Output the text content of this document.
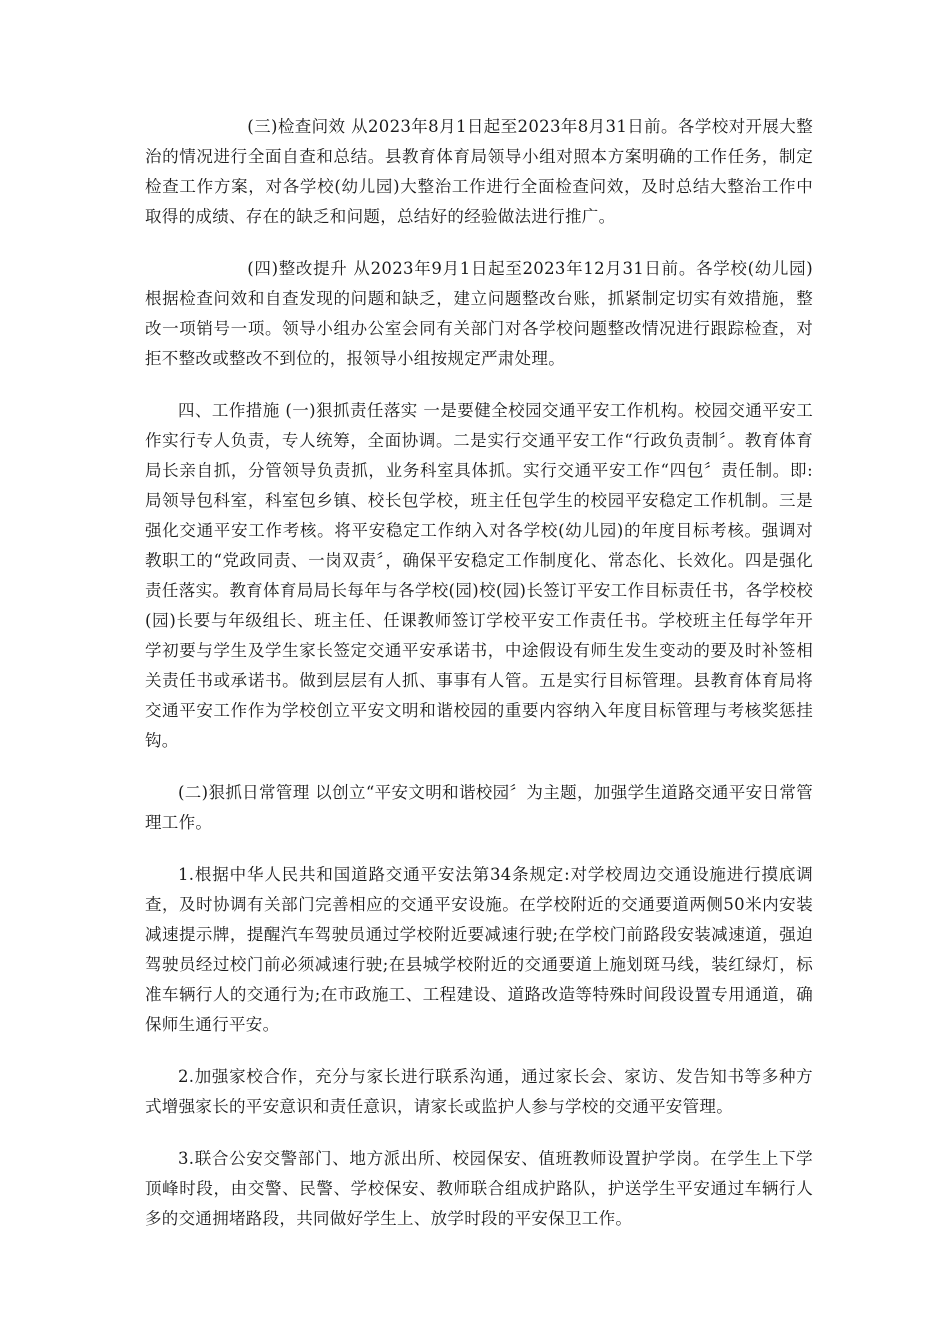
(三)检查问效 从2023年8月1日起至2023年8月31日前。各学校对开展大整治的情况进行全面自查和总结。县教育体育局领导小组对照本方案明确的工作任务，制定检查工作方案，对各学校(幼儿园)大整治工作进行全面检查问效，及时总结大整治工作中取得的成绩、存在的缺乏和问题，总结好的经验做法进行推广。

(四)整改提升 从2023年9月1日起至2023年12月31日前。各学校(幼儿园)根据检查问效和自查发现的问题和缺乏，建立问题整改台账，抓紧制定切实有效措施，整改一项销号一项。领导小组办公室会同有关部门对各学校问题整改情况进行跟踪检查，对拒不整改或整改不到位的，报领导小组按规定严肃处理。

四、工作措施 (一)狠抓责任落实 一是要健全校园交通平安工作机构。校园交通平安工作实行专人负责，专人统筹，全面协调。二是实行交通平安工作“行政负责制〞。教育体育局长亲自抓，分管领导负责抓，业务科室具体抓。实行交通平安工作“四包〞责任制。即:局领导包科室，科室包乡镇、校长包学校，班主任包学生的校园平安稳定工作机制。三是强化交通平安工作考核。将平安稳定工作纳入对各学校(幼儿园)的年度目标考核。强调对教职工的“党政同责、一岗双责〞，确保平安稳定工作制度化、常态化、长效化。四是强化责任落实。教育体育局局长每年与各学校(园)校(园)长签订平安工作目标责任书，各学校校(园)长要与年级组长、班主任、任课教师签订学校平安工作责任书。学校班主任每学年开学初要与学生及学生家长签定交通平安承诺书，中途假设有师生发生变动的要及时补签相关责任书或承诺书。做到层层有人抓、事事有人管。五是实行目标管理。县教育体育局将交通平安工作作为学校创立平安文明和谐校园的重要内容纳入年度目标管理与考核奖惩挂钩。

(二)狠抓日常管理 以创立“平安文明和谐校园〞为主题，加强学生道路交通平安日常管理工作。

1.根据中华人民共和国道路交通平安法第34条规定:对学校周边交通设施进行摸底调查，及时协调有关部门完善相应的交通平安设施。在学校附近的交通要道两侧50米内安装减速提示牌，提醒汽车驾驶员通过学校附近要减速行驶;在学校门前路段安装减速道，强迫驾驶员经过校门前必须减速行驶;在县城学校附近的交通要道上施划斑马线，装红绿灯，标准车辆行人的交通行为;在市政施工、工程建设、道路改造等特殊时间段设置专用通道，确保师生通行平安。

2.加强家校合作，充分与家长进行联系沟通，通过家长会、家访、发告知书等多种方式增强家长的平安意识和责任意识，请家长或监护人参与学校的交通平安管理。

3.联合公安交警部门、地方派出所、校园保安、值班教师设置护学岗。在学生上下学顶峰时段，由交警、民警、学校保安、教师联合组成护路队，护送学生平安通过车辆行人多的交通拥堵路段，共同做好学生上、放学时段的平安保卫工作。
